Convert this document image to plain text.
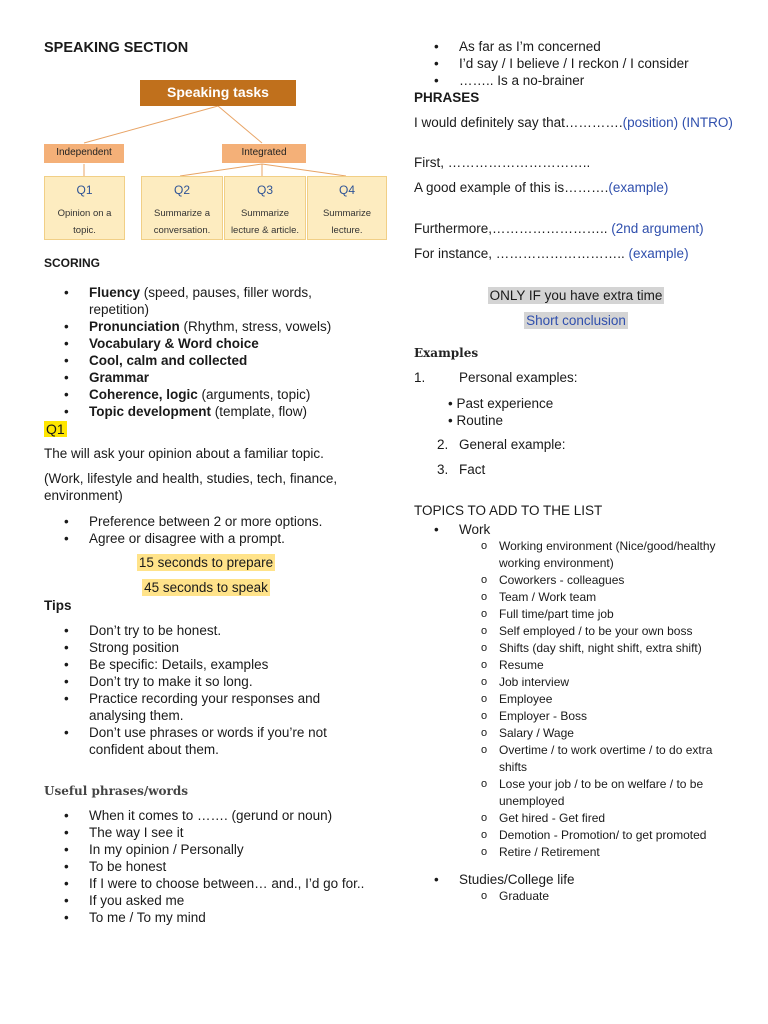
SPEAKING SECTION
Speaking tasks
Independent	Integrated
Q1
Opinion on a
topic.
Q2
Summarize a
conversation.
Q3
Summarize
lecture & article.
Q4
Summarize
lecture.
SCORING
• Fluency (speed, pauses, filler words,
repetition)
• Pronunciation (Rhythm, stress, vowels)
• Vocabulary & Word choice
• Cool, calm and collected
• Grammar
• Coherence, logic (arguments, topic)
• Topic development (template, flow)
Q1
The will ask your opinion about a familiar topic.
(Work, lifestyle and health, studies, tech, finance,
environment)
• Preference between 2 or more options.
• Agree or disagree with a prompt.
15 seconds to prepare
45 seconds to speak
Tips
• Don’t try to be honest.
• Strong position
• Be specific: Details, examples
• Don’t try to make it so long.
• Practice recording your responses and
analysing them.
• Don’t use phrases or words if you’re not
confident about them.
Useful phrases/words
• When it comes to ……. (gerund or noun)
• The way I see it
• In my opinion / Personally
• To be honest
• If I were to choose between… and., I’d go for..
• If you asked me
• To me / To my mind
• As far as I’m concerned
• I’d say / I believe / I reckon / I consider
• …….. Is a no-brainer
PHRASES
I would definitely say that………….(position) (INTRO)
First, …………………………..
A good example of this is……….(example)
Furthermore,…………………….. (2nd argument)
For instance, ……………………….. (example)
ONLY IF you have extra time
Short conclusion
Examples
1. Personal examples:
• Past experience
• Routine
2. General example:
3. Fact
TOPICS TO ADD TO THE LIST
• Work
o Working environment (Nice/good/healthy
working environment)
o Coworkers - colleagues
o Team / Work team
o Full time/part time job
o Self employed / to be your own boss
o Shifts (day shift, night shift, extra shift)
o Resume
o Job interview
o Employee
o Employer - Boss
o Salary / Wage
o Overtime / to work overtime / to do extra
shifts
o Lose your job / to be on welfare / to be
unemployed
o Get hired - Get fired
o Demotion - Promotion/ to get promoted
o Retire / Retirement
• Studies/College life
o Graduate
